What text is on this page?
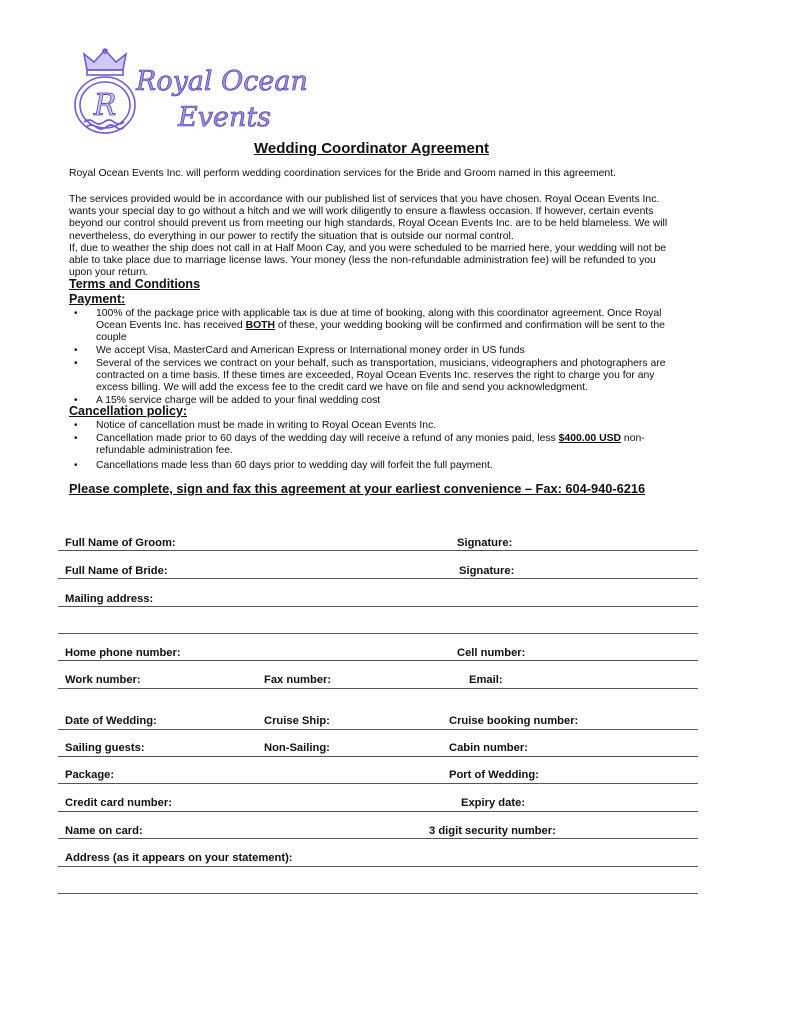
R
Royal Ocean
Events
Wedding Coordinator Agreement
Royal Ocean Events Inc. will perform wedding coordination services for the Bride and Groom named in this agreement.
The services provided would be in accordance with our published list of services that you have chosen. Royal Ocean Events Inc.
wants your special day to go without a hitch and we will work diligently to ensure a flawless occasion. If however, certain events
beyond our control should prevent us from meeting our high standards, Royal Ocean Events Inc. are to be held blameless. We will
nevertheless, do everything in our power to rectify the situation that is outside our normal control.
If, due to weather the ship does not call in at Half Moon Cay, and you were scheduled to be married here, your wedding will not be
able to take place due to marriage license laws. Your money (less the non-refundable administration fee) will be refunded to you
upon your return.
Terms and Conditions
Payment:
• 100% of the package price with applicable tax is due at time of booking, along with this coordinator agreement. Once Royal
Ocean Events Inc. has received BOTH of these, your wedding booking will be confirmed and confirmation will be sent to the
couple
• We accept Visa, MasterCard and American Express or International money order in US funds
• Several of the services we contract on your behalf, such as transportation, musicians, videographers and photographers are
contracted on a time basis. If these times are exceeded, Royal Ocean Events Inc. reserves the right to charge you for any
excess billing. We will add the excess fee to the credit card we have on file and send you acknowledgment.
• A 15% service charge will be added to your final wedding cost
Cancellation policy:
• Notice of cancellation must be made in writing to Royal Ocean Events Inc.
• Cancellation made prior to 60 days of the wedding day will receive a refund of any monies paid, less $400.00 USD non-
refundable administration fee.
• Cancellations made less than 60 days prior to wedding day will forfeit the full payment.
Please complete, sign and fax this agreement at your earliest convenience – Fax: 604-940-6216
Full Name of Groom:	Signature:
Full Name of Bride:	Signature:
Mailing address:
Home phone number:	Cell number:
Work number:	Fax number:	Email:
Date of Wedding:	Cruise Ship:	Cruise booking number:
Sailing guests:	Non-Sailing:	Cabin number:
Package:	Port of Wedding:
Credit card number:	Expiry date:
Name on card:	3 digit security number:
Address (as it appears on your statement):
